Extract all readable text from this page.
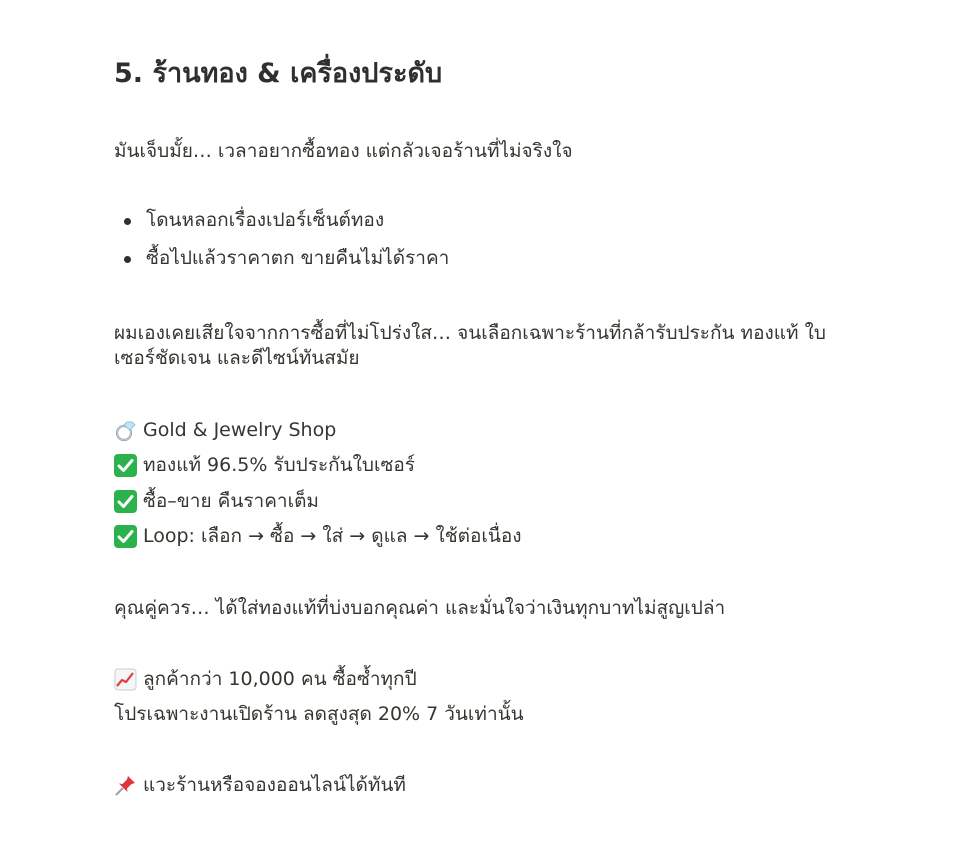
5. ร้านทอง & เครื่องประดับ

มันเจ็บมั้ย… เวลาอยากซื้อทอง แต่กลัวเจอร้านที่ไม่จริงใจ

โดนหลอกเรื่องเปอร์เซ็นต์ทอง
ซื้อไปแล้วราคาตก ขายคืนไม่ได้ราคา

ผมเองเคยเสียใจจากการซื้อที่ไม่โปร่งใส… จนเลือกเฉพาะร้านที่กล้ารับประกัน ทองแท้ ใบเซอร์ชัดเจน และดีไซน์ทันสมัย

Gold & Jewelry Shop
ทองแท้ 96.5% รับประกันใบเซอร์
ซื้อ–ขาย คืนราคาเต็ม
Loop: เลือก → ซื้อ → ใส่ → ดูแล → ใช้ต่อเนื่อง

คุณคู่ควร… ได้ใส่ทองแท้ที่บ่งบอกคุณค่า และมั่นใจว่าเงินทุกบาทไม่สูญเปล่า

ลูกค้ากว่า 10,000 คน ซื้อซ้ำทุกปี

โปรเฉพาะงานเปิดร้าน ลดสูงสุด 20% 7 วันเท่านั้น

แวะร้านหรือจองออนไลน์ได้ทันที
